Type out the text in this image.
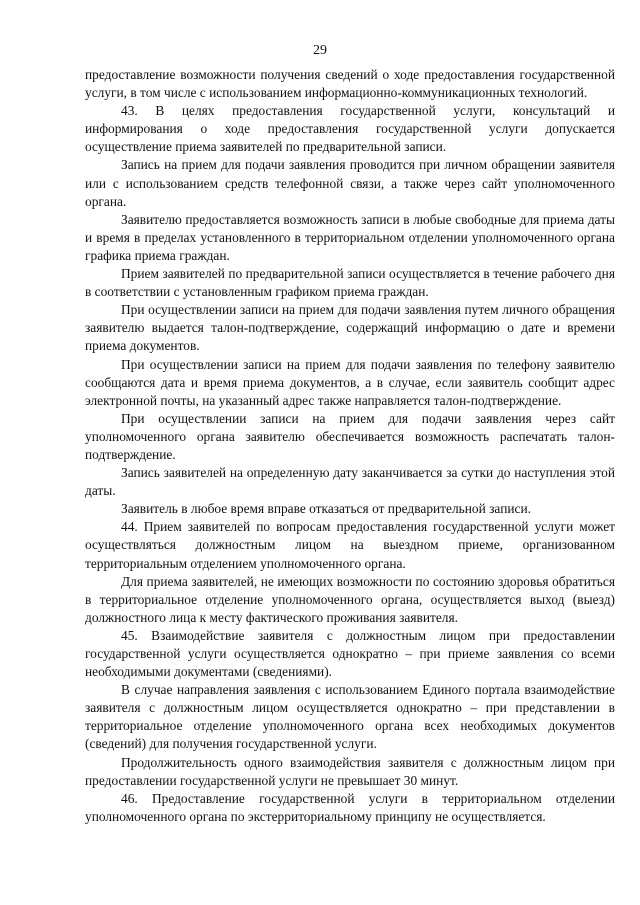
29

предоставление возможности получения сведений о ходе предоставления государственной услуги, в том числе с использованием информационно-коммуникационных технологий.

43. В целях предоставления государственной услуги, консультаций и информирования о ходе предоставления государственной услуги допускается осуществление приема заявителей по предварительной записи.

Запись на прием для подачи заявления проводится при личном обращении заявителя или с использованием средств телефонной связи, а также через сайт уполномоченного органа.

Заявителю предоставляется возможность записи в любые свободные для приема даты и время в пределах установленного в территориальном отделении уполномоченного органа графика приема граждан.

Прием заявителей по предварительной записи осуществляется в течение рабочего дня в соответствии с установленным графиком приема граждан.

При осуществлении записи на прием для подачи заявления путем личного обращения заявителю выдается талон-подтверждение, содержащий информацию о дате и времени приема документов.

При осуществлении записи на прием для подачи заявления по телефону заявителю сообщаются дата и время приема документов, а в случае, если заявитель сообщит адрес электронной почты, на указанный адрес также направляется талон-подтверждение.

При осуществлении записи на прием для подачи заявления через сайт уполномоченного органа заявителю обеспечивается возможность распечатать талон-подтверждение.

Запись заявителей на определенную дату заканчивается за сутки до наступления этой даты.

Заявитель в любое время вправе отказаться от предварительной записи.

44. Прием заявителей по вопросам предоставления государственной услуги может осуществляться должностным лицом на выездном приеме, организованном территориальным отделением уполномоченного органа.

Для приема заявителей, не имеющих возможности по состоянию здоровья обратиться в территориальное отделение уполномоченного органа, осуществляется выход (выезд) должностного лица к месту фактического проживания заявителя.

45. Взаимодействие заявителя с должностным лицом при предоставлении государственной услуги осуществляется однократно – при приеме заявления со всеми необходимыми документами (сведениями).

В случае направления заявления с использованием Единого портала взаимодействие заявителя с должностным лицом осуществляется однократно – при представлении в территориальное отделение уполномоченного органа всех необходимых документов (сведений) для получения государственной услуги.

Продолжительность одного взаимодействия заявителя с должностным лицом при предоставлении государственной услуги не превышает 30 минут.

46. Предоставление государственной услуги в территориальном отделении уполномоченного органа по экстерриториальному принципу не осуществляется.
